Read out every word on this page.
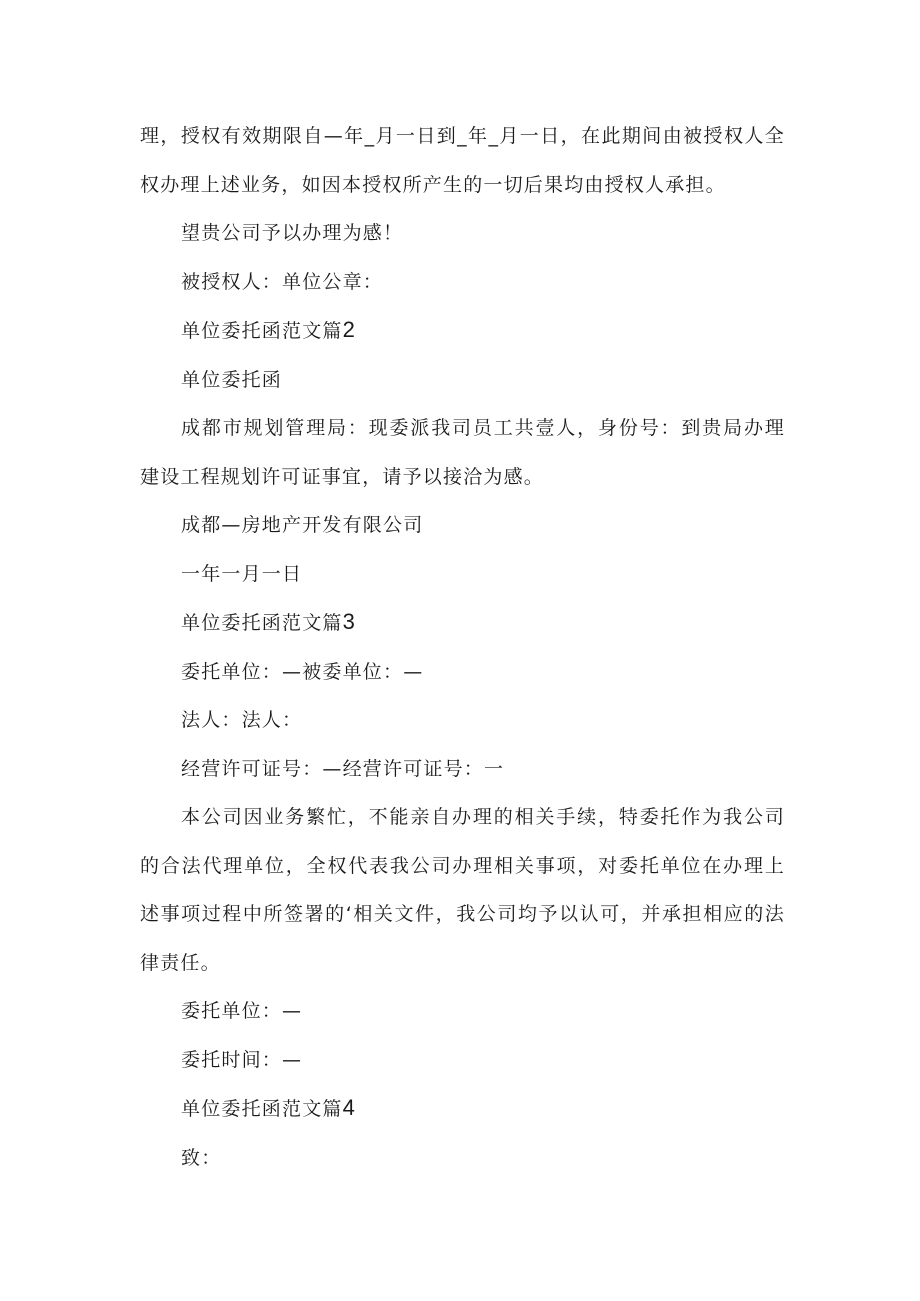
理，授权有效期限自—年_月一日到_年_月一日，在此期间由被授权人全权办理上述业务，如因本授权所产生的一切后果均由授权人承担。

望贵公司予以办理为感！

被授权人：单位公章：

单位委托函范文篇2

单位委托函

成都市规划管理局：现委派我司员工共壹人，身份号：到贵局办理建设工程规划许可证事宜，请予以接洽为感。

成都—房地产开发有限公司

一年一月一日

单位委托函范文篇3

委托单位：—被委单位：—

法人：法人：

经营许可证号：—经营许可证号：一

本公司因业务繁忙，不能亲自办理的相关手续，特委托作为我公司的合法代理单位，全权代表我公司办理相关事项，对委托单位在办理上述事项过程中所签署的‘相关文件，我公司均予以认可，并承担相应的法律责任。

委托单位：—

委托时间：—

单位委托函范文篇4

致：
